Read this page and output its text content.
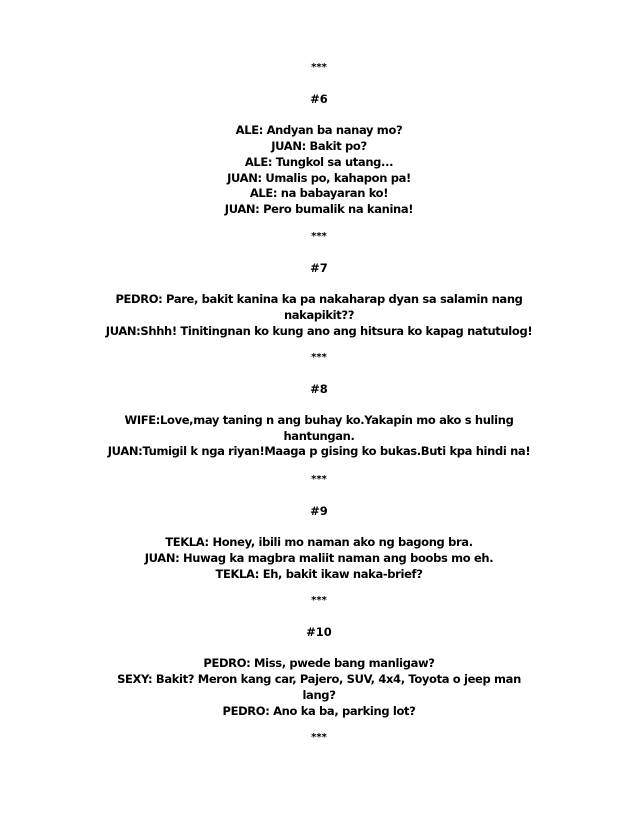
***
#6
ALE: Andyan ba nanay mo?
JUAN: Bakit po?
ALE: Tungkol sa utang...
JUAN: Umalis po, kahapon pa!
ALE: na babayaran ko!
JUAN: Pero bumalik na kanina!
***
#7
PEDRO: Pare, bakit kanina ka pa nakaharap dyan sa salamin nang
nakapikit??
JUAN:Shhh! Tinitingnan ko kung ano ang hitsura ko kapag natutulog!
***
#8
WIFE:Love,may taning n ang buhay ko.Yakapin mo ako s huling
hantungan.
JUAN:Tumigil k nga riyan!Maaga p gising ko bukas.Buti kpa hindi na!
***
#9
TEKLA: Honey, ibili mo naman ako ng bagong bra.
JUAN: Huwag ka magbra maliit naman ang boobs mo eh.
TEKLA: Eh, bakit ikaw naka-brief?
***
#10
PEDRO: Miss, pwede bang manligaw?
SEXY: Bakit? Meron kang car, Pajero, SUV, 4x4, Toyota o jeep man
lang?
PEDRO: Ano ka ba, parking lot?
***
